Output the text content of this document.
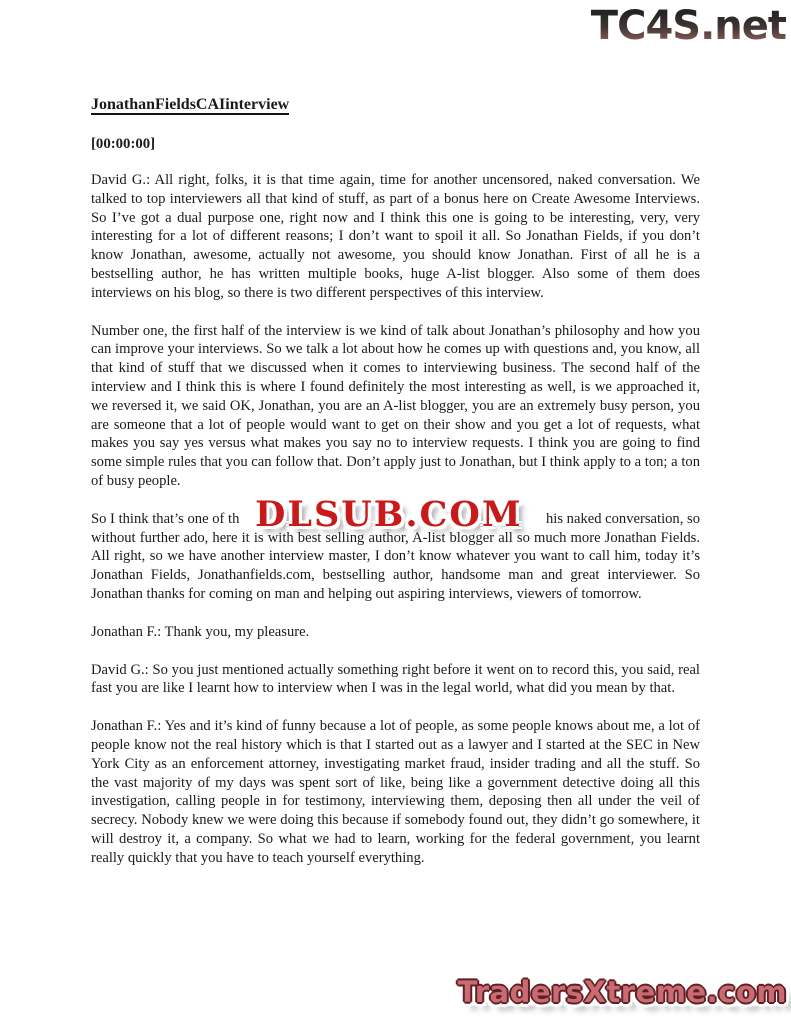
TC4S.net
JonathanFieldsCAIinterview
[00:00:00]

David G.: All right, folks, it is that time again, time for another uncensored, naked conversation. We talked to top interviewers all that kind of stuff, as part of a bonus here on Create Awesome Interviews. So I’ve got a dual purpose one, right now and I think this one is going to be interesting, very, very interesting for a lot of different reasons; I don’t want to spoil it all. So Jonathan Fields, if you don’t know Jonathan, awesome, actually not awesome, you should know Jonathan. First of all he is a bestselling author, he has written multiple books, huge A-list blogger. Also some of them does interviews on his blog, so there is two different perspectives of this interview.

Number one, the first half of the interview is we kind of talk about Jonathan’s philosophy and how you can improve your interviews. So we talk a lot about how he comes up with questions and, you know, all that kind of stuff that we discussed when it comes to interviewing business. The second half of the interview and I think this is where I found definitely the most interesting as well, is we approached it, we reversed it, we said OK, Jonathan, you are an A-list blogger, you are an extremely busy person, you are someone that a lot of people would want to get on their show and you get a lot of requests, what makes you say yes versus what makes you say no to interview requests. I think you are going to find some simple rules that you can follow that. Don’t apply just to Jonathan, but I think apply to a ton; a ton of busy people.

So I think that’s one of th	his naked conversation, so
DLSUB.COM

without further ado, here it is with best selling author, A-list blogger all so much more Jonathan Fields. All right, so we have another interview master, I don’t know whatever you want to call him, today it’s Jonathan Fields, Jonathanfields.com, bestselling author, handsome man and great interviewer. So Jonathan thanks for coming on man and helping out aspiring interviews, viewers of tomorrow.

Jonathan F.: Thank you, my pleasure.

David G.: So you just mentioned actually something right before it went on to record this, you said, real fast you are like I learnt how to interview when I was in the legal world, what did you mean by that.

Jonathan F.: Yes and it’s kind of funny because a lot of people, as some people knows about me, a lot of people know not the real history which is that I started out as a lawyer and I started at the SEC in New York City as an enforcement attorney, investigating market fraud, insider trading and all the stuff. So the vast majority of my days was spent sort of like, being like a government detective doing all this investigation, calling people in for testimony, interviewing them, deposing then all under the veil of secrecy. Nobody knew we were doing this because if somebody found out, they didn’t go somewhere, it will destroy it, a company. So what we had to learn, working for the federal government, you learnt really quickly that you have to teach yourself everything.

TradersXtreme.com
